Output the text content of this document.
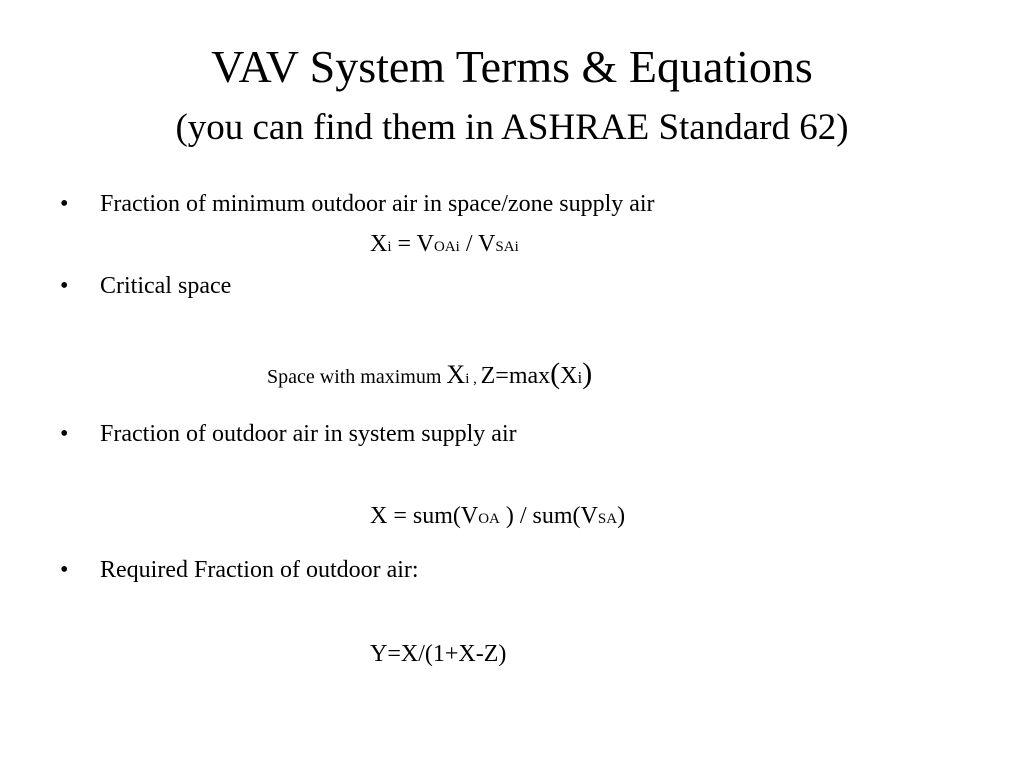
VAV System Terms & Equations
(you can find them in ASHRAE Standard 62)
•	Fraction of minimum outdoor air in space/zone supply air
Xi = VOAi / VSAi
•	Critical space
Space with maximum Xi , Z=max(Xi)
•	Fraction of outdoor air in system supply air
X = sum(VOA ) / sum(VSA)
•	Required Fraction of outdoor air:
Y=X/(1+X-Z)
